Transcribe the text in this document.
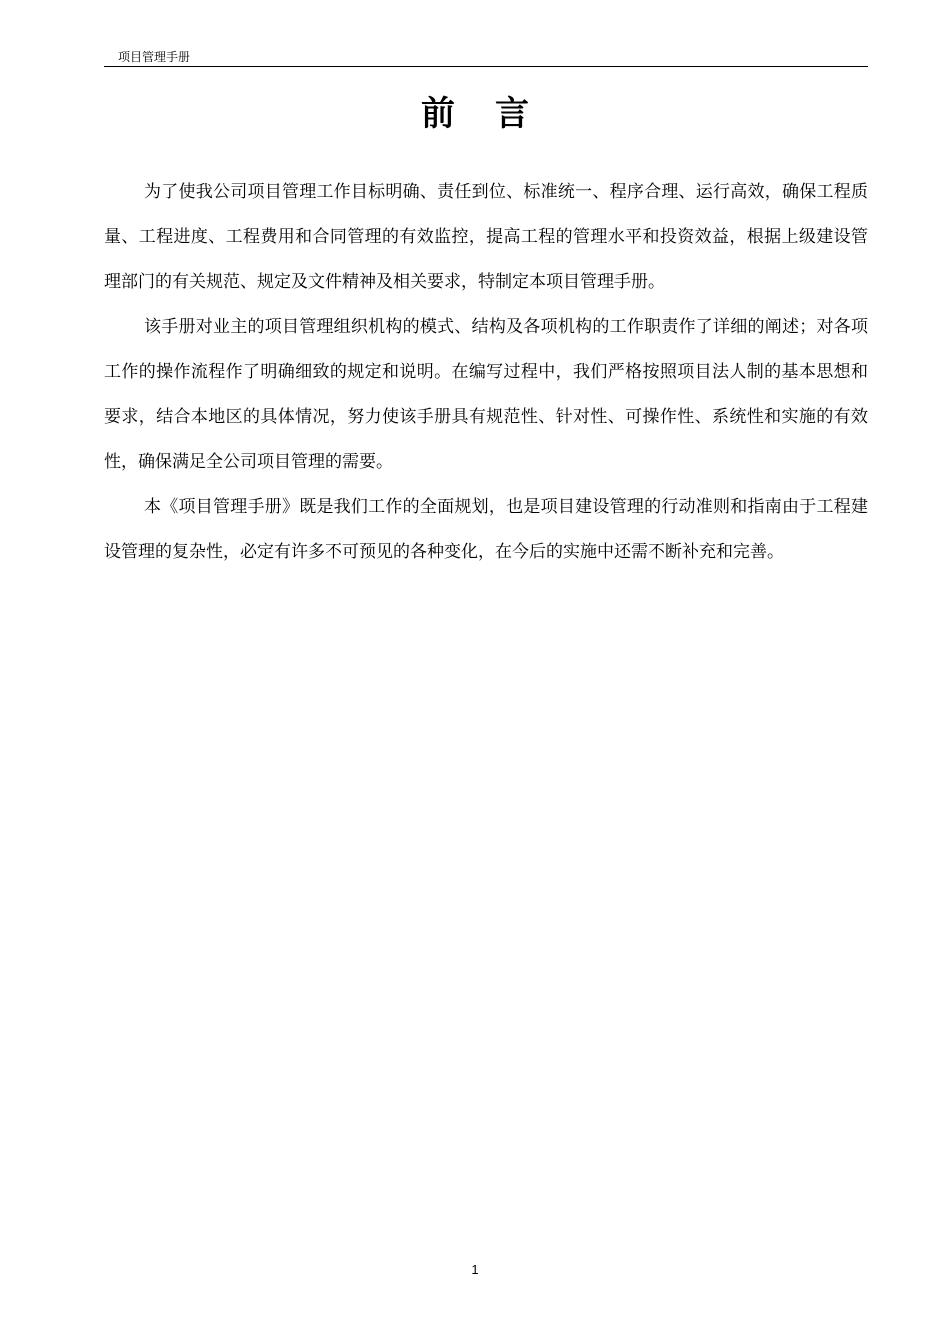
项目管理手册
前 言

为了使我公司项目管理工作目标明确、责任到位、标准统一、程序合理、运行高效，确保工程质量、工程进度、工程费用和合同管理的有效监控，提高工程的管理水平和投资效益，根据上级建设管理部门的有关规范、规定及文件精神及相关要求，特制定本项目管理手册。

该手册对业主的项目管理组织机构的模式、结构及各项机构的工作职责作了详细的阐述；对各项工作的操作流程作了明确细致的规定和说明。在编写过程中，我们严格按照项目法人制的基本思想和要求，结合本地区的具体情况，努力使该手册具有规范性、针对性、可操作性、系统性和实施的有效性，确保满足全公司项目管理的需要。

本《项目管理手册》既是我们工作的全面规划，也是项目建设管理的行动准则和指南由于工程建设管理的复杂性，必定有许多不可预见的各种变化，在今后的实施中还需不断补充和完善。

1
